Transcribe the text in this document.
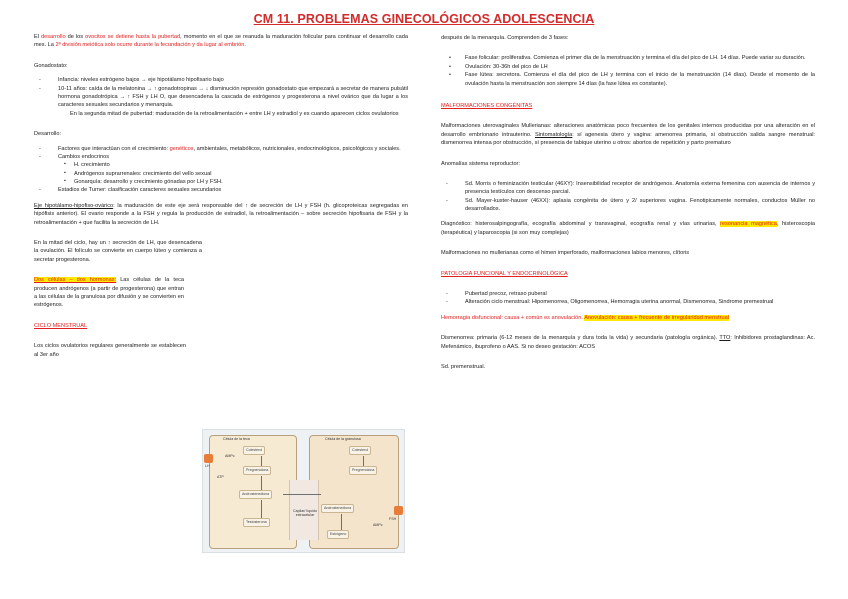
CM 11. PROBLEMAS GINECOLÓGICOS ADOLESCENCIA

El desarrollo de los ovocitos se detiene hasta la pubertad, momento en el que se reanuda la maduración folicular para continuar el desarrollo cada mes. La 2ª división meiótica solo ocurre durante la fecundación y da lugar al embrión.

Gonadostato:

- Infancia: niveles estrógeno bajos → eje hipotálamo hipofisario bajo
- 10-11 años: caída de la melatonina → ↑ gonadotropinas → ↓ disminución represión gonadostato que empezará a secretar de manera pulsátil hormona gonadotrópica → ↑ FSH y LH O, que desencadena la cascada de estrógenos y progesterona a nivel ovárico que da lugar a los caracteres sexuales secundarios y menarquia.

En la segunda mitad de pubertad: maduración de la retroalimentación + entre LH y estradiol y es cuando aparecen ciclos ovulatorios

Desarrollo:

- Factores que interactúan con el crecimiento: genéticos, ambientales, metabólicos, nutricionales, endocrinológicos, psicológicos y sociales.
- Cambios endocrinos
▪ H. crecimiento
▪ Andrógenos suprarrenales: crecimiento del vello sexual
▪ Gonarquía: desarrollo y crecimiento gónadas por LH y FSH.
- Estadios de Turner: clasificación caracteres sexuales secundarios

Eje hipotálamo-hipofiso-ovárico: la maduración de este eje será responsable del ↑ de secreción de LH y FSH (h. glicoproteicas segregadas en hipófisis anterior). El ovario responde a la FSH y regula la producción de estradiol, la retroalimentación – sobre secreción hipofisaria de FSH y la retroalimentación + que facilita la secreción de LH.

En la mitad del ciclo, hay un ↑ secreción de LH, que desencadena la ovulación. El folículo se convierte en cuerpo lúteo y comienza a secretar progesterona.

Dos células – dos hormonas: Las células de la teca producen andrógenos (a partir de progesterona) que entran a las células de la granulosa por difusión y se convierten en estrógenos.

CICLO MENSTRUAL

Los ciclos ovulatorios regulares generalmente se establecen al 3er año

Célula de la teca	Célula de la granulosa
Capilar/ líquido extracelular
LH
FSH
AMPc
ATP
Colesterol
Pregnenolona
Androstenediona
Testosterona
Colesterol
Pregnenolona
Androstenediona
Estrógeno
AMPc

después de la menarquía. Comprenden de 3 fases:

• Fase folicular: proliferativa. Comienza el primer día de la menstruación y termina el día del pico de LH. 14 días. Puede variar su duración.
• Ovulación: 30-36h del pico de LH
• Fase lútea: secretora. Comienza el día del pico de LH y termina con el inicio de la menstruación (14 días). Desde el momento de la ovulación hasta la menstruación son siempre 14 días (la fase lútea es constante).

MALFORMACIONES CONGÉNITAS

Malformaciones uterovaginales Mullerianas: alteraciones anatómicas poco frecuentes de los genitales internos producidas por una alteración en el desarrollo embrionario intrauterino. Sintomatología: sí agenesia útero y vagina: amenorrea primaria, si obstrucción salida sangre menstrual: dismenorrea intensa por obstrucción, sí presencia de tabique uterino u otros: abortos de repetición y parto prematuro

Anomalías sistema reproductor:

- Sd. Morris o feminización testicular (46XY): Insensibilidad receptor de andrógenos. Anatomía externa femenina con ausencia de internos y presencia testículos con descenso parcial.
- Sd. Mayer-kuster-hauser (46XX): aplasia congénita de útero y 2/ superiores vagina. Fenotipicamente normales, conductos Müller no desarrollados.

Diagnóstico: histerosalpingografía, ecografía abdominal y transvaginal, ecografía renal y vías urinarias, resonancia magnética, histeroscopia (terapéutica) y laparoscopia (si son muy complejas)

Malformaciones no mullerianas como el himen imperforado, malformaciones labios menores, clítoris

PATOLOGIA FUNCIONAL Y ENDOCRINOLÓGICA

- Pubertad precoz, retraso puberal
- Alteración ciclo menstrual: Hipomenorrea, Oligomenorrea, Hemorragia uterina anormal, Dismenorrea, Sindrome premestrual

Hemorragia disfuncional: causa + común es anovulación. Anovulación: causa + frecuente de irregularidad menstrual

Dismenorrea: primaria (6-12 meses de la menarquía y dura toda la vida) y secundaria (patología orgánica). TTO: Inhibidores prostaglandinas: Ac. Mefenámico, ibuprofeno o AAS. Si no deseo gestación: ACOS

Sd. premenstrual.
